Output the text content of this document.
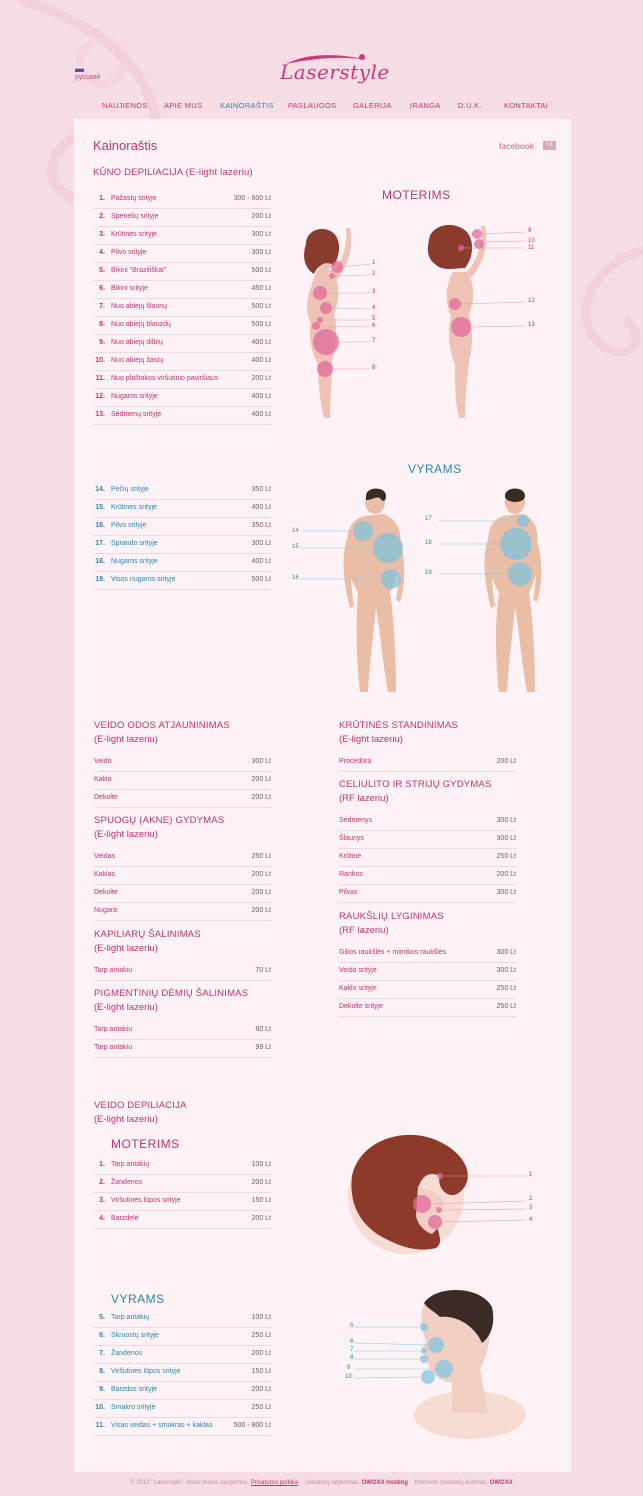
русский	Laserstyle
NAUJIENOS APIE MUS KAINORAŠTIS PASLAUGOS GALERIJA ĮRANGA D.U.K.	KONTAKTAI
Kainoraštis	facebook	+1
KŪNO DEPILIACIJA (E-light lazeriu)
MOTERIMS
VYRAMS
1. Pažastų srityje	300 - 600 Lt
2. Spenelių srityje	200 Lt
3. Krūtinės srityje	300 Lt
4. Pilvo srityje	300 Lt
5. Bikini "Braziliškai"	500 Lt
6. Bikini srityje	450 Lt
7. Nuo abiejų šlaunų	500 Lt
8. Nuo abiejų blauzdų	500 Lt
9. Nuo abiejų dilbių	400 Lt
10. Nuo abiejų žastų	400 Lt
11. Nuo plaštakos viršutinio paviršiaus	200 Lt
12. Nugaros srityje	400 Lt
13. Sėdmenų srityje	400 Lt
14. Pečių srityje	350 Lt
15. Krūtinės srityje	400 Lt
16. Pilvo srityje	350 Lt
17. Sprando srityje	300 Lt
18. Nugaros srityje	400 Lt
19. Visos nugaros srityje	500 Lt
1
2
3
4
5
6
7
8
9
10
11
12
13
14
15
16
17
18
19
VEIDO ODOS ATJAUNINIMAS
(E-light lazeriu)
Veido	300 Lt
Kaklo	200 Lt
Dekolte	200 Lt
SPUOGŲ (AKNE) GYDYMAS
(E-light lazeriu)
Veidas	250 Lt
Kaklas	200 Lt
Dekolte	200 Lt
Nugara	200 Lt
KAPILIARŲ ŠALINIMAS
(E-light lazeriu)
Tarp antakiu	70 Lt
PIGMENTINIŲ DĖMIŲ ŠALINIMAS
(E-light lazeriu)
Tarp antakiu	80 Lt
Tarp antakiu	99 Lt
KRŪTINĖS STANDINIMAS
(E-light lazeriu)
Procedūra	200 Lt
CELIULITO IR STRIJŲ GYDYMAS
(RF lazeriu)
Sėdmenys	300 Lt
Šlaunys	300 Lt
Krūtinė	250 Lt
Rankos	200 Lt
Pilvas	300 Lt
RAUKŠLIŲ LYGINIMAS
(RF lazeriu)
Gilios raukšlės + mimikos raukšlės	300 Lt
Veido srityje	300 Lt
Kaklo srityje	250 Lt
Dekolte srityje	250 Lt
VEIDO DEPILIACIJA
(E-light lazeriu)
MOTERIMS
1. Tarp antakių	100 Lt
2. Žandenos	200 Lt
3. Viršutinės lūpos srityje	150 Lt
4. Barzdelė	200 Lt
VYRAMS
5. Tarp antakių	100 Lt
6. Skruostų srityje	250 Lt
7. Žandenos	200 Lt
8. Viršutinės lūpos srityje	150 Lt
9. Barzdos srityje	200 Lt
10. Smakro srityje	250 Lt
11. Visas veidas + smakras + kaklas	500 - 800 Lt
1
2
3
4
5
6
7
8
9
10
© 2012 "Laserstyle". Visos teisės saugomos. Privatumo politika Svetainių talpinimas: OWOXX hosting Interneto svetainių kūrimas: OWOXX
